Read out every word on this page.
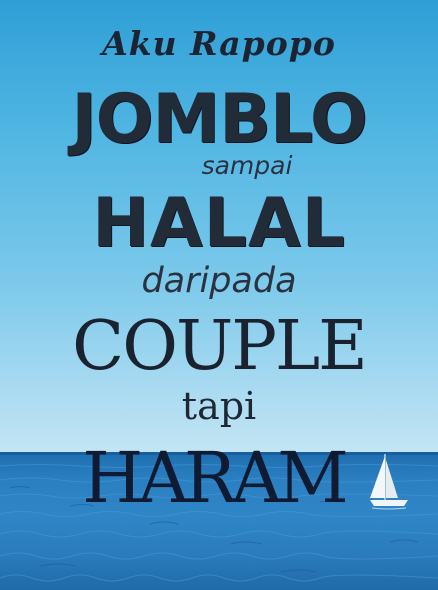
Aku Rapopo
JOMBLO
sampai
HALAL
daripada
COUPLE
tapi
HARAM
